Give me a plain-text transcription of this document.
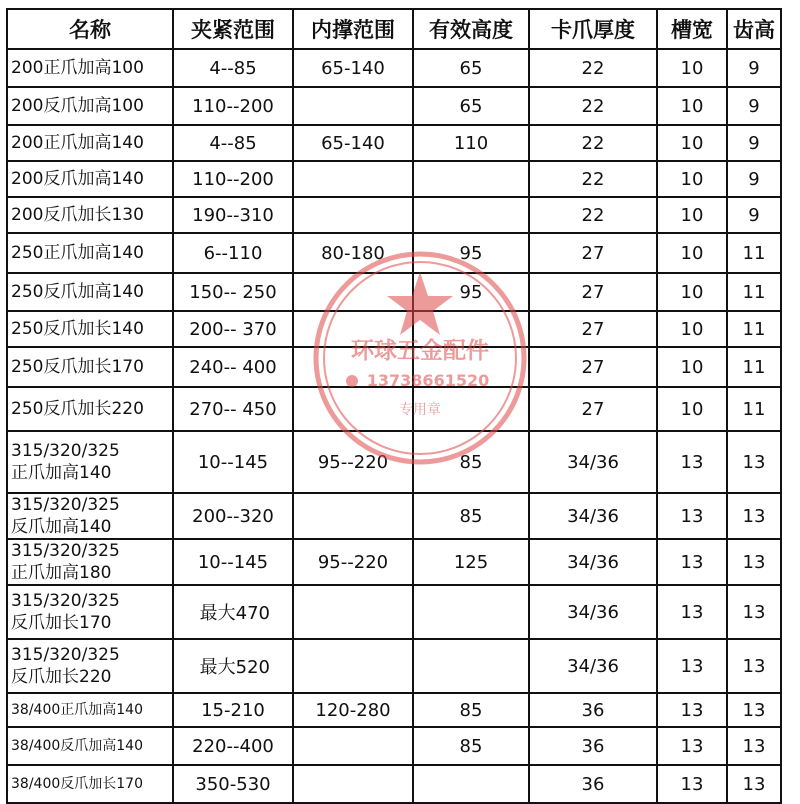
名称	夹紧范围	内撑范围	有效高度	卡爪厚度	槽宽	齿高
200正爪加高100	4--85	65-140	65	22	10	9
200反爪加高100	110--200		65	22	10	9
200正爪加高140	4--85	65-140	110	22	10	9
200反爪加高140	110--200			22	10	9
200反爪加长130	190--310			22	10	9
250正爪加高140	6--110	80-180	95	27	10	11
250反爪加高140	150-- 250		95	27	10	11
250反爪加长140	200-- 370			27	10	11
250反爪加长170	240-- 400			27	10	11
250反爪加长220	270-- 450			27	10	11
315/320/325
正爪加高140	10--145	95--220	85	34/36	13	13
315/320/325
反爪加高140	200--320		85	34/36	13	13
315/320/325
正爪加高180	10--145	95--220	125	34/36	13	13
315/320/325
反爪加长170	最大470			34/36	13	13
315/320/325
反爪加长220	最大520			34/36	13	13
38/400正爪加高140	15-210	120-280	85	36	13	13
38/400反爪加高140	220--400		85	36	13	13
38/400反爪加长170	350-530			36	13	13
环球五金配件
13738661520
专用章
